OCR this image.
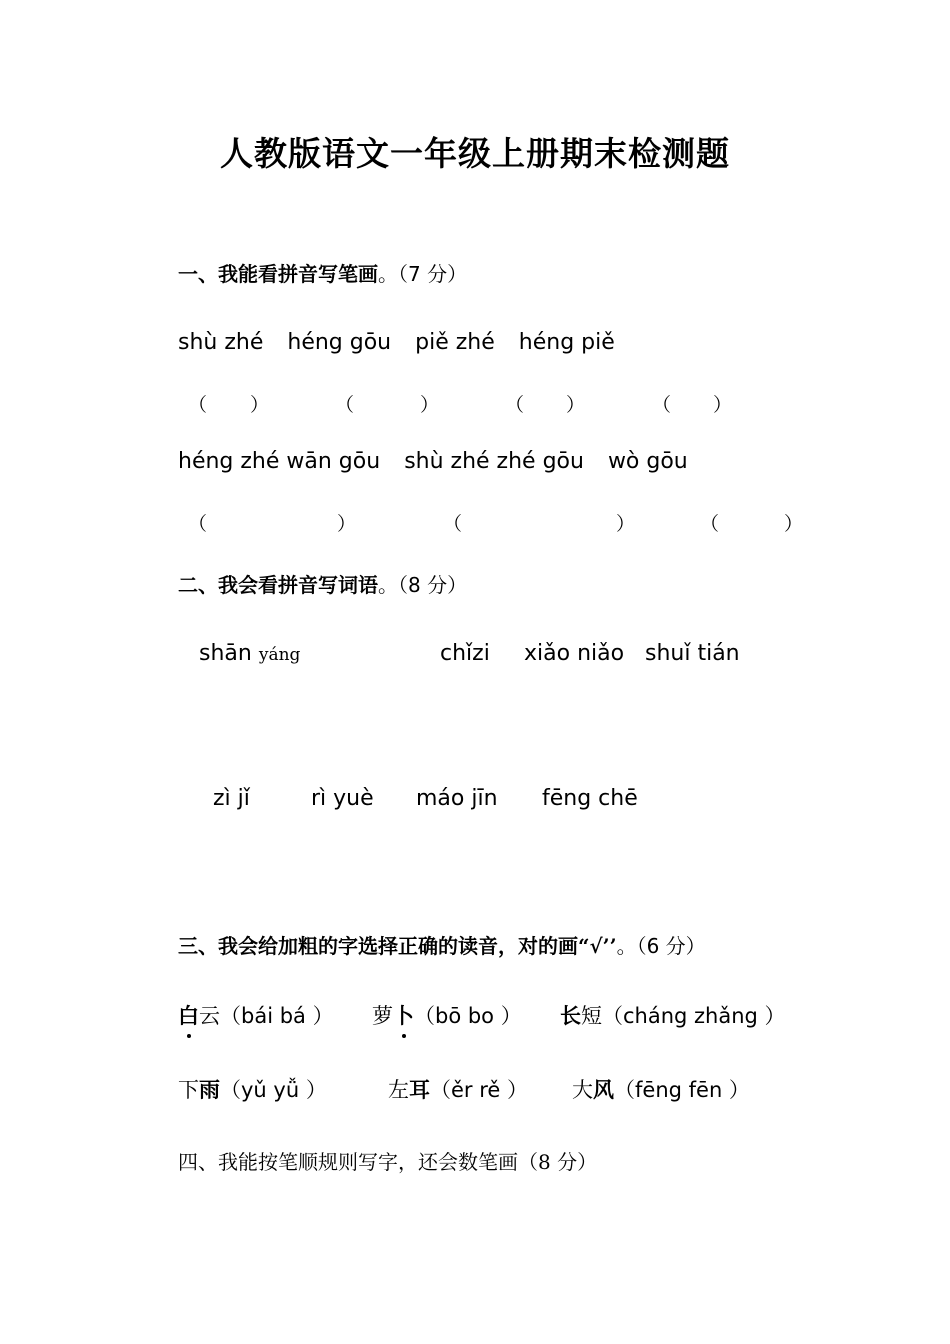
人教版语文一年级上册期末检测题
一、我能看拼音写笔画。（7 分）
shù zhé héng gōu piě zhé héng piě
（ ）	（	）	（ ）	（ ）
héng zhé wān gōu shù zhé zhé gōu wò gōu
（	）	（	）	（	）
二、我会看拼音写词语。（8 分）
shān yáng	chǐzi xiǎo niǎo shuǐ tián
zì jǐ	rì yuè máo jīn fēng chē
三、我会给加粗的字选择正确的读音，对的画“√’’。（6 分）
白云（bái bá ） 萝卜（bō bo ） 长短（cháng zhǎng ）
下雨（yǔ yǚ ）	左耳（ěr rě ） 大风（fēng fēn ）
四、我能按笔顺规则写字，还会数笔画（8 分）
